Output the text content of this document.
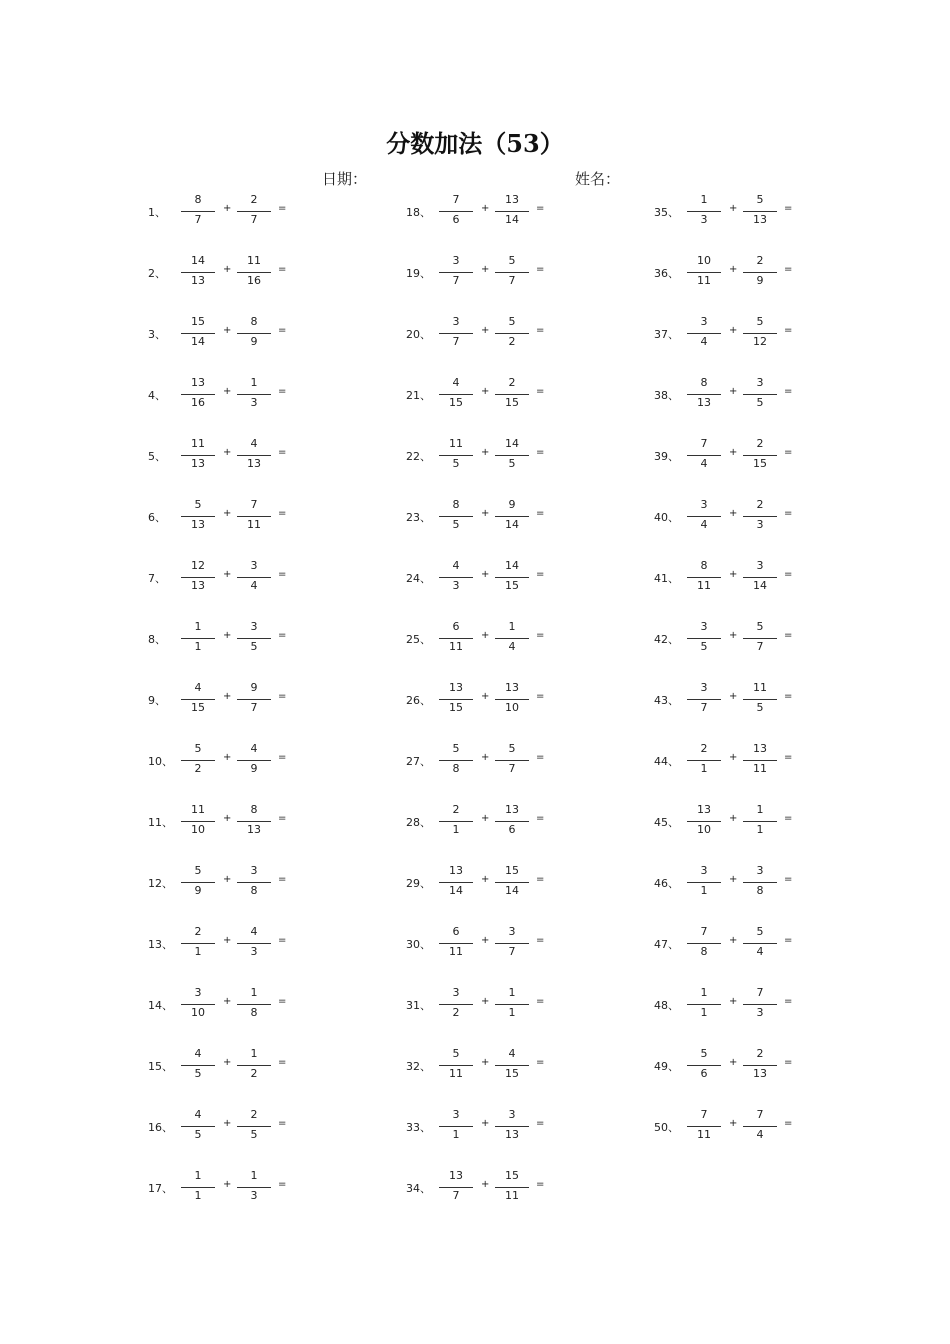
分数加法（53）
日期：	姓名：
1、
8
7
+
2
7
=
2、
14
13
+
11
16
=
3、
15
14
+
8
9
=
4、
13
16
+
1
3
=
5、
11
13
+
4
13
=
6、
5
13
+
7
11
=
7、
12
13
+
3
4
=
8、
1
1
+
3
5
=
9、
4
15
+
9
7
=
10、
5
2
+
4
9
=
11、
11
10
+
8
13
=
12、
5
9
+
3
8
=
13、
2
1
+
4
3
=
14、
3
10
+
1
8
=
15、
4
5
+
1
2
=
16、
4
5
+
2
5
=
17、
1
1
+
1
3
=
18、
7
6
+
13
14
=
19、
3
7
+
5
7
=
20、
3
7
+
5
2
=
21、
4
15
+
2
15
=
22、
11
5
+
14
5
=
23、
8
5
+
9
14
=
24、
4
3
+
14
15
=
25、
6
11
+
1
4
=
26、
13
15
+
13
10
=
27、
5
8
+
5
7
=
28、
2
1
+
13
6
=
29、
13
14
+
15
14
=
30、
6
11
+
3
7
=
31、
3
2
+
1
1
=
32、
5
11
+
4
15
=
33、
3
1
+
3
13
=
34、
13
7
+
15
11
=
35、
1
3
+
5
13
=
36、
10
11
+
2
9
=
37、
3
4
+
5
12
=
38、
8
13
+
3
5
=
39、
7
4
+
2
15
=
40、
3
4
+
2
3
=
41、
8
11
+
3
14
=
42、
3
5
+
5
7
=
43、
3
7
+
11
5
=
44、
2
1
+
13
11
=
45、
13
10
+
1
1
=
46、
3
1
+
3
8
=
47、
7
8
+
5
4
=
48、
1
1
+
7
3
=
49、
5
6
+
2
13
=
50、
7
11
+
7
4
=
